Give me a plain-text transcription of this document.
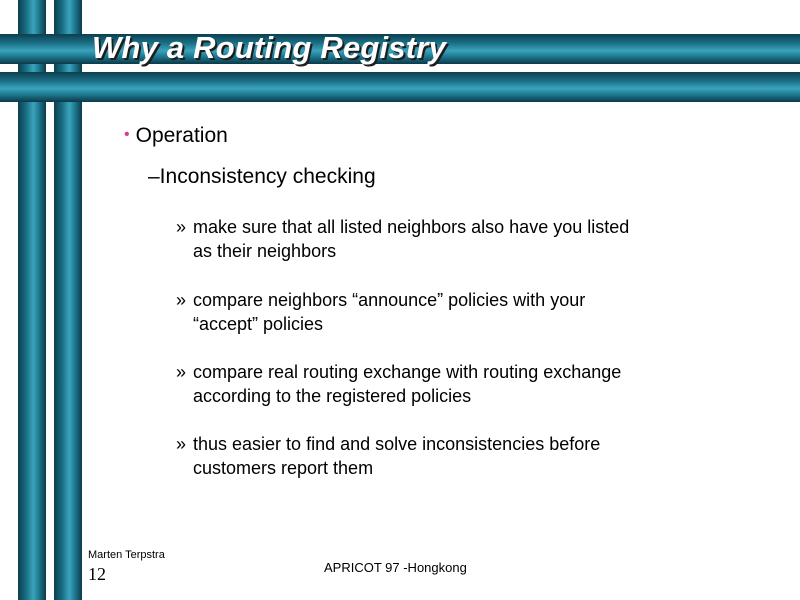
Why a Routing Registry
• Operation
–Inconsistency checking
» make sure that all listed neighbors also have you listed
as their neighbors
» compare neighbors “announce” policies with your
“accept” policies
» compare real routing exchange with routing exchange
according to the registered policies
» thus easier to find and solve inconsistencies before
customers report them
Marten Terpstra
12	APRICOT 97 -Hongkong
